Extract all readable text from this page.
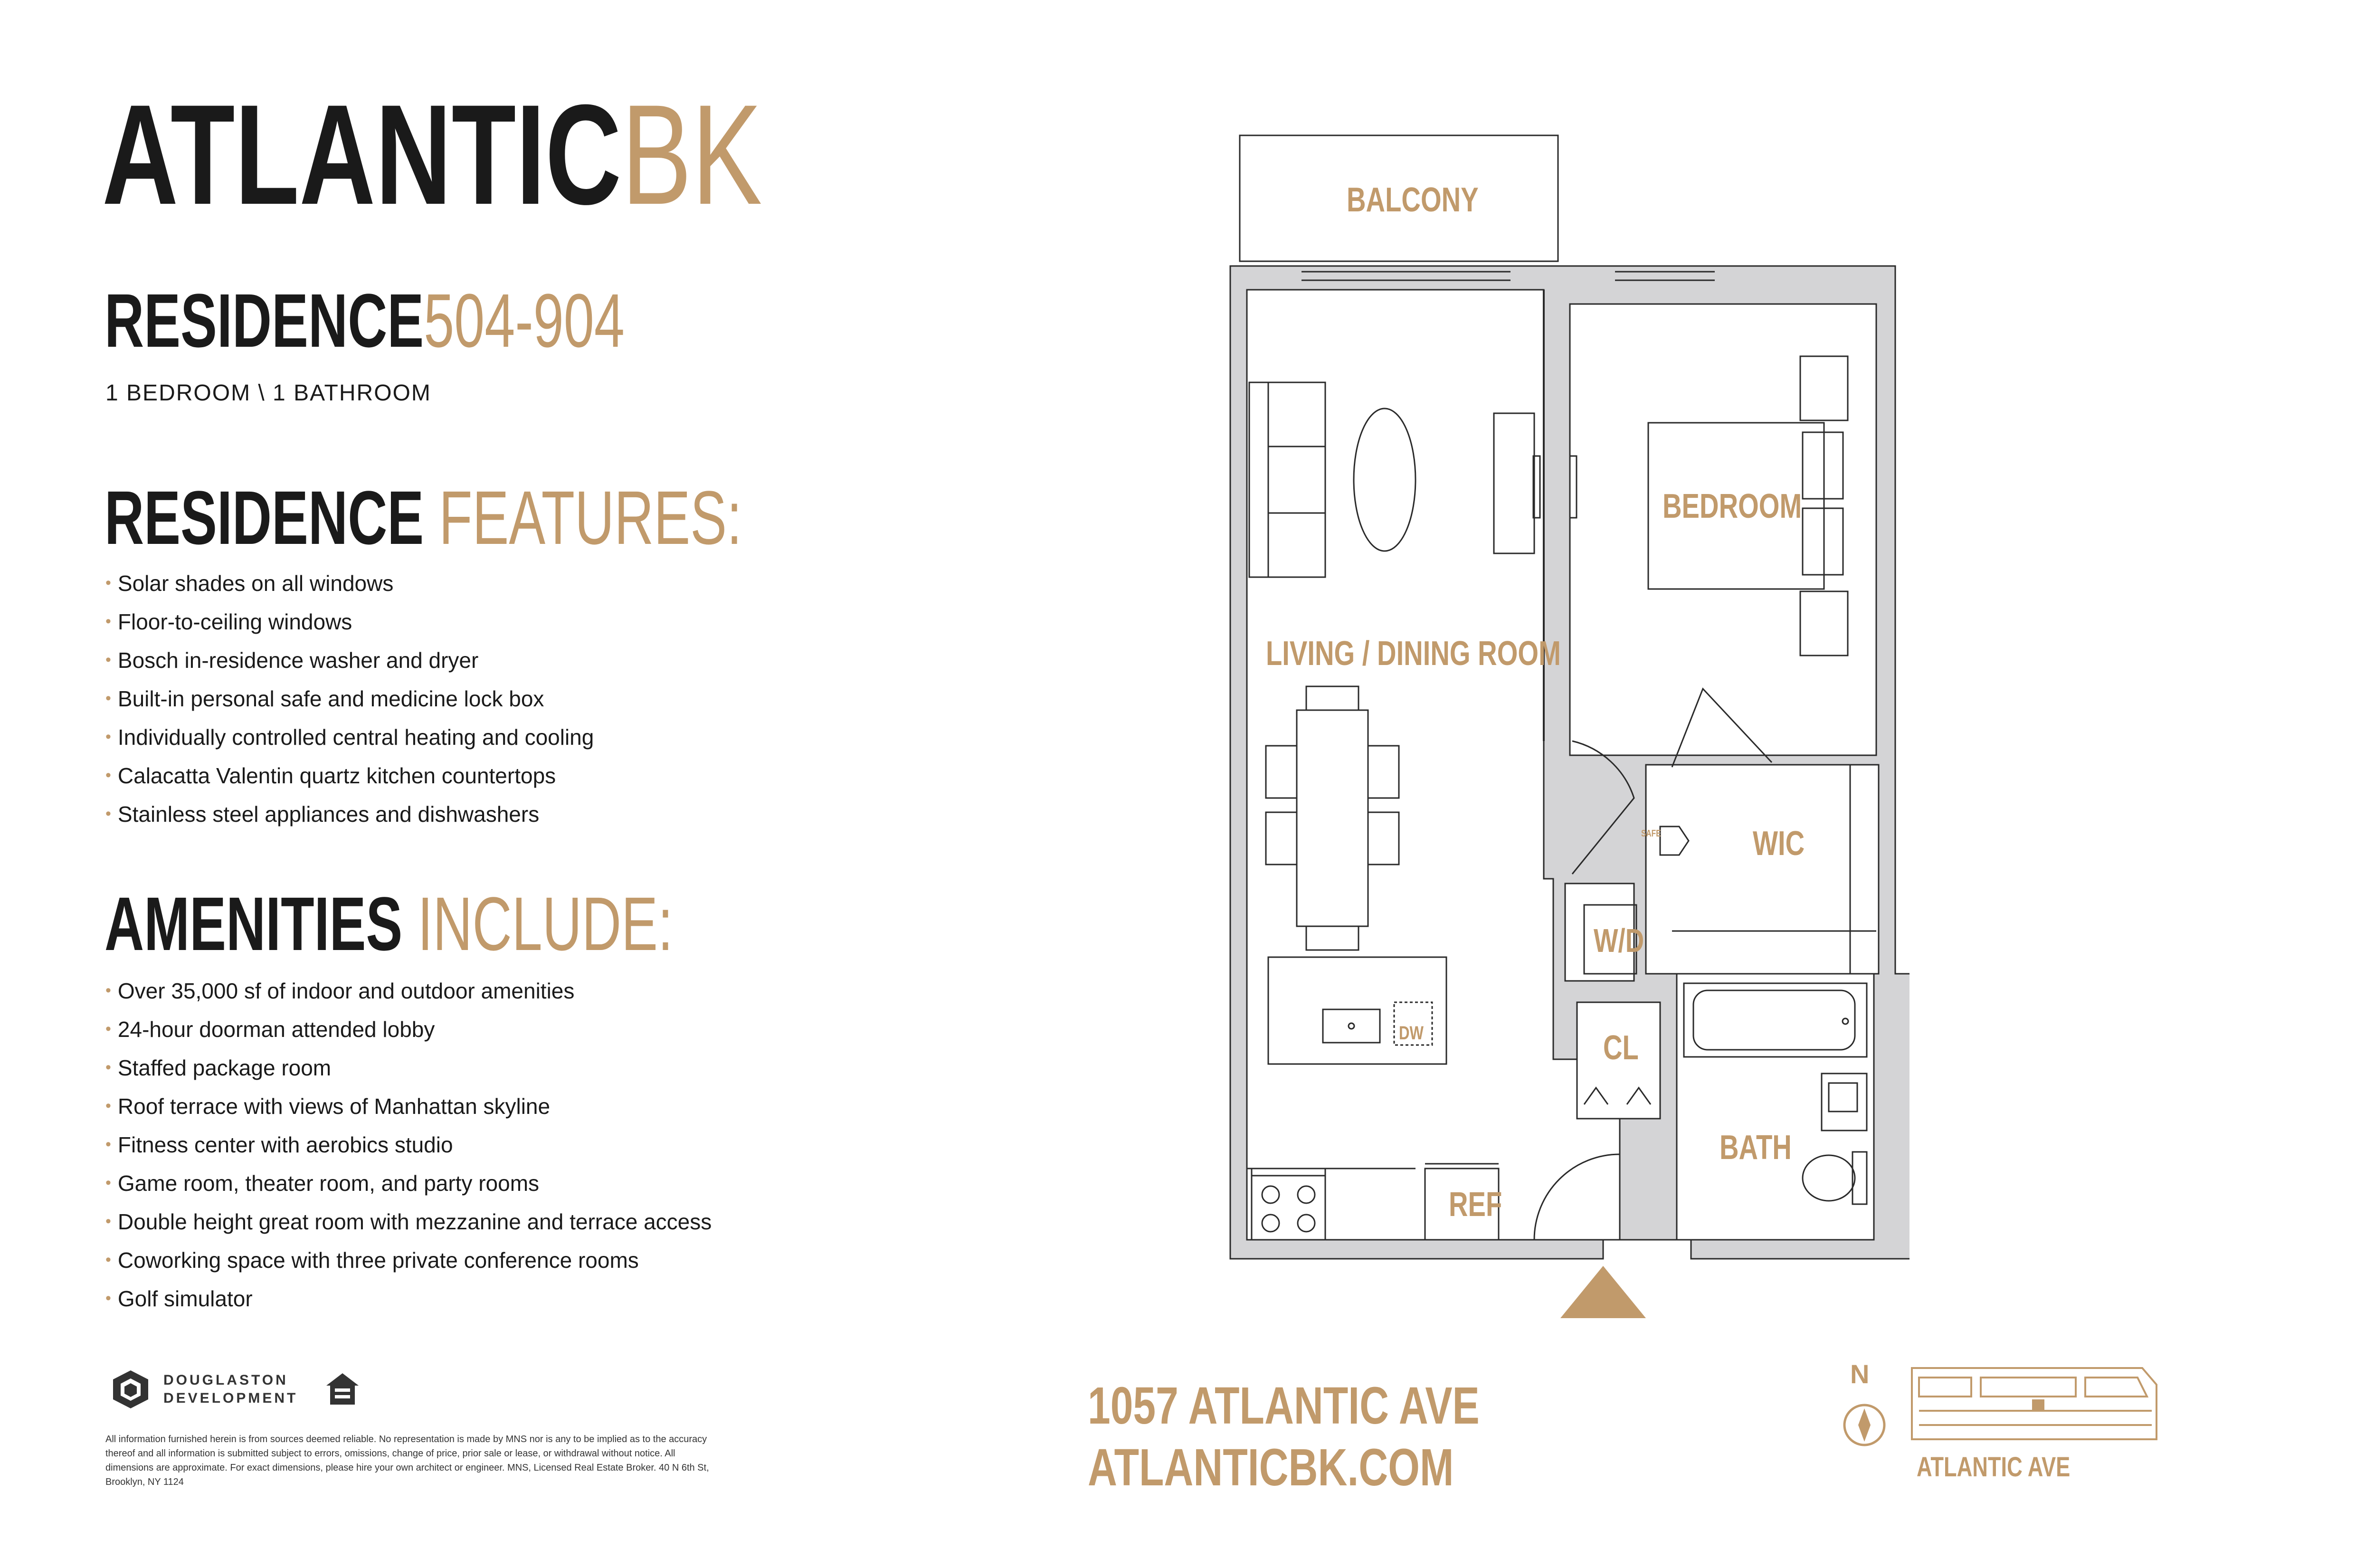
ATLANTICBK
RESIDENCE504-904
1 BEDROOM \ 1 BATHROOM
RESIDENCE FEATURES:
• Solar shades on all windows
• Floor-to-ceiling windows
• Bosch in-residence washer and dryer
• Built-in personal safe and medicine lock box
• Individually controlled central heating and cooling
• Calacatta Valentin quartz kitchen countertops
• Stainless steel appliances and dishwashers
AMENITIES INCLUDE:
• Over 35,000 sf of indoor and outdoor amenities
• 24-hour doorman attended lobby
• Staffed package room
• Roof terrace with views of Manhattan skyline
• Fitness center with aerobics studio
• Game room, theater room, and party rooms
• Double height great room with mezzanine and terrace access
• Coworking space with three private conference rooms
• Golf simulator
DOUGLASTON
DEVELOPMENT
All information furnished herein is from sources deemed reliable. No representation is made by MNS nor is any to be implied as to the accuracy thereof and all information is submitted subject to errors, omissions, change of price, prior sale or lease, or withdrawal without notice. All dimensions are approximate. For exact dimensions, please hire your own architect or engineer. MNS, Licensed Real Estate Broker. 40 N 6th St, Brooklyn, NY 1124
BALCONY
BEDROOM
LIVING / DINING ROOM
WIC
W/D
CL
BATH
REF
DW
SAFE
1057 ATLANTIC AVE
ATLANTICBK.COM
N
ATLANTIC AVE
